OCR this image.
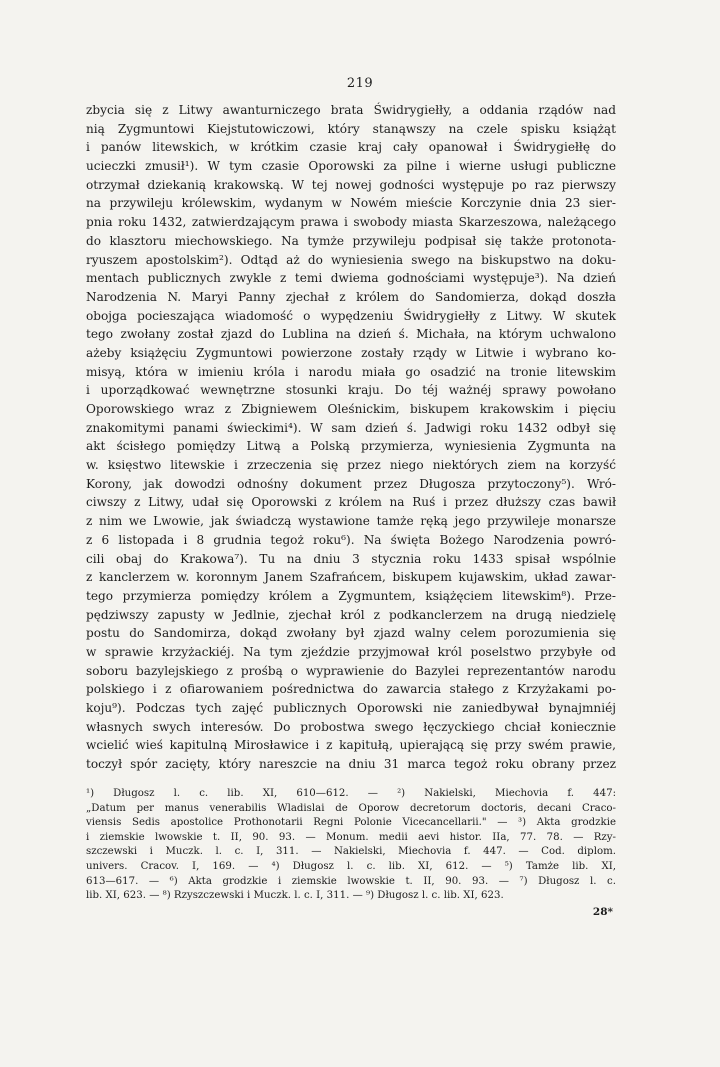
219
zbycia się z Litwy awanturniczego brata Świdrygiełły, a oddania rządów nad
nią Zygmuntowi Kiejstutowiczowi, który stanąwszy na czele spisku książąt
i panów litewskich, w krótkim czasie kraj cały opanował i Świdrygiełłę do
ucieczki zmusił¹). W tym czasie Oporowski za pilne i wierne usługi publiczne
otrzymał dziekanią krakowską. W tej nowej godności występuje po raz pierwszy
na przywileju królewskim, wydanym w Nowém mieście Korczynie dnia 23 sier-
pnia roku 1432, zatwierdzającym prawa i swobody miasta Skarzeszowa, należącego
do klasztoru miechowskiego. Na tymże przywileju podpisał się także protonota-
ryuszem apostolskim²). Odtąd aż do wyniesienia swego na biskupstwo na doku-
mentach publicznych zwykle z temi dwiema godnościami występuje³). Na dzień
Narodzenia N. Maryi Panny zjechał z królem do Sandomierza, dokąd doszła
obojga pocieszająca wiadomość o wypędzeniu Świdrygiełły z Litwy. W skutek
tego zwołany został zjazd do Lublina na dzień ś. Michała, na którym uchwalono
ażeby książęciu Zygmuntowi powierzone zostały rządy w Litwie i wybrano ko-
misyą, która w imieniu króla i narodu miała go osadzić na tronie litewskim
i uporządkować wewnętrzne stosunki kraju. Do téj ważnéj sprawy powołano
Oporowskiego wraz z Zbigniewem Oleśnickim, biskupem krakowskim i pięciu
znakomitymi panami świeckimi⁴). W sam dzień ś. Jadwigi roku 1432 odbył się
akt ścisłego pomiędzy Litwą a Polską przymierza, wyniesienia Zygmunta na
w. księstwo litewskie i zrzeczenia się przez niego niektórych ziem na korzyść
Korony, jak dowodzi odnośny dokument przez Długosza przytoczony⁵). Wró-
ciwszy z Litwy, udał się Oporowski z królem na Ruś i przez dłuższy czas bawił
z nim we Lwowie, jak świadczą wystawione tamże ręką jego przywileje monarsze
z 6 listopada i 8 grudnia tegoż roku⁶). Na święta Bożego Narodzenia powró-
cili obaj do Krakowa⁷). Tu na dniu 3 stycznia roku 1433 spisał wspólnie
z kanclerzem w. koronnym Janem Szafrańcem, biskupem kujawskim, układ zawar-
tego przymierza pomiędzy królem a Zygmuntem, książęciem litewskim⁸). Prze-
pędziwszy zapusty w Jedlnie, zjechał król z podkanclerzem na drugą niedzielę
postu do Sandomirza, dokąd zwołany był zjazd walny celem porozumienia się
w sprawie krzyżackiéj. Na tym zjeździe przyjmował król poselstwo przybyłe od
soboru bazylejskiego z prośbą o wyprawienie do Bazylei reprezentantów narodu
polskiego i z ofiarowaniem pośrednictwa do zawarcia stałego z Krzyżakami po-
koju⁹). Podczas tych zajęć publicznych Oporowski nie zaniedbywał bynajmniéj
własnych swych interesów. Do probostwa swego łęczyckiego chciał koniecznie
wcielić wieś kapitulną Mirosławice i z kapitułą, upierającą się przy swém prawie,
toczył spór zacięty, który nareszcie na dniu 31 marca tegoż roku obrany przez
¹) Długosz l. c. lib. XI, 610—612. — ²) Nakielski, Miechovia f. 447:
„Datum per manus venerabilis Wladislai de Oporow decretorum doctoris, decani Craco-
viensis Sedis apostolice Prothonotarii Regni Polonie Vicecancellarii." — ³) Akta grodzkie
i ziemskie lwowskie t. II, 90. 93. — Monum. medii aevi histor. IIa, 77. 78. — Rzy-
szczewski i Muczk. l. c. I, 311. — Nakielski, Miechovia f. 447. — Cod. diplom.
univers. Cracov. I, 169. — ⁴) Długosz l. c. lib. XI, 612. — ⁵) Tamże lib. XI,
613—617. — ⁶) Akta grodzkie i ziemskie lwowskie t. II, 90. 93. — ⁷) Długosz l. c.
lib. XI, 623. — ⁸) Rzyszczewski i Muczk. l. c. I, 311. — ⁹) Długosz l. c. lib. XI, 623.
28*
